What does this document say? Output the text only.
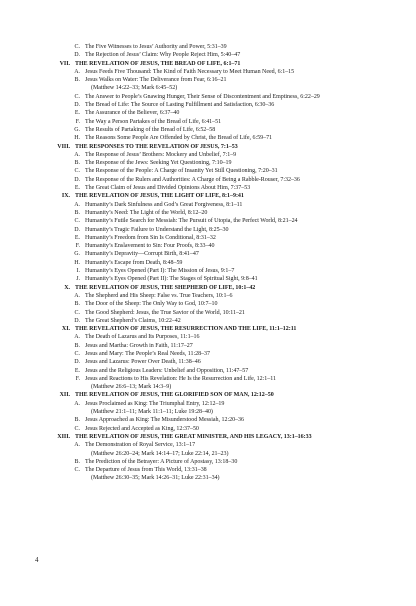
C. The Five Witnesses to Jesus’ Authority and Power, 5:31–39
D. The Rejection of Jesus’ Claim: Why People Reject Him, 5:40–47
VII. THE REVELATION OF JESUS, THE BREAD OF LIFE, 6:1–71
A. Jesus Feeds Five Thousand: The Kind of Faith Necessary to Meet Human Need, 6:1–15
B. Jesus Walks on Water: The Deliverance from Fear, 6:16–21
(Matthew 14:22–33; Mark 6:45–52)
C. The Answer to People’s Gnawing Hunger, Their Sense of Discontentment and Emptiness, 6:22–29
D. The Bread of Life: The Source of Lasting Fulfillment and Satisfaction, 6:30–36
E. The Assurance of the Believer, 6:37–40
F. The Way a Person Partakes of the Bread of Life, 6:41–51
G. The Results of Partaking of the Bread of Life, 6:52–58
H. The Reasons Some People Are Offended by Christ, the Bread of Life, 6:59–71
VIII. THE RESPONSES TO THE REVELATION OF JESUS, 7:1–53
A. The Response of Jesus’ Brothers: Mockery and Unbelief, 7:1–9
B. The Response of the Jews: Seeking Yet Questioning, 7:10–19
C. The Response of the People: A Charge of Insanity Yet Still Questioning, 7:20–31
D. The Response of the Rulers and Authorities: A Charge of Being a Rabble-Rouser, 7:32–36
E. The Great Claim of Jesus and Divided Opinions About Him, 7:37–53
IX. THE REVELATION OF JESUS, THE LIGHT OF LIFE, 8:1–9:41
A. Humanity’s Dark Sinfulness and God’s Great Forgiveness, 8:1–11
B. Humanity’s Need: The Light of the World, 8:12–20
C. Humanity’s Futile Search for Messiah: The Pursuit of Utopia, the Perfect World, 8:21–24
D. Humanity’s Tragic Failure to Understand the Light, 8:25–30
E. Humanity’s Freedom from Sin Is Conditional, 8:31–32
F. Humanity’s Enslavement to Sin: Four Proofs, 8:33–40
G. Humanity’s Depravity—Corrupt Birth, 8:41–47
H. Humanity’s Escape from Death, 8:48–59
I. Humanity’s Eyes Opened (Part I): The Mission of Jesus, 9:1–7
J. Humanity’s Eyes Opened (Part II): The Stages of Spiritual Sight, 9:8–41
X. THE REVELATION OF JESUS, THE SHEPHERD OF LIFE, 10:1–42
A. The Shepherd and His Sheep: False vs. True Teachers, 10:1–6
B. The Door of the Sheep: The Only Way to God, 10:7–10
C. The Good Shepherd: Jesus, the True Savior of the World, 10:11–21
D. The Great Shepherd’s Claims, 10:22–42
XI. THE REVELATION OF JESUS, THE RESURRECTION AND THE LIFE, 11:1–12:11
A. The Death of Lazarus and Its Purposes, 11:1–16
B. Jesus and Martha: Growth in Faith, 11:17–27
C. Jesus and Mary: The People’s Real Needs, 11:28–37
D. Jesus and Lazarus: Power Over Death, 11:38–46
E. Jesus and the Religious Leaders: Unbelief and Opposition, 11:47–57
F. Jesus and Reactions to His Revelation: He Is the Resurrection and Life, 12:1–11
(Matthew 26:6–13; Mark 14:3–9)
XII. THE REVELATION OF JESUS, THE GLORIFIED SON OF MAN, 12:12–50
A. Jesus Proclaimed as King: The Triumphal Entry, 12:12–19
(Matthew 21:1–11; Mark 11:1–11; Luke 19:28–40)
B. Jesus Approached as King: The Misunderstood Messiah, 12:20–36
C. Jesus Rejected and Accepted as King, 12:37–50
XIII. THE REVELATION OF JESUS, THE GREAT MINISTER, AND HIS LEGACY, 13:1–16:33
A. The Demonstration of Royal Service, 13:1–17
(Matthew 26:20–24; Mark 14:14–17; Luke 22:14, 21–23)
B. The Prediction of the Betrayer: A Picture of Apostasy, 13:18–30
C. The Departure of Jesus from This World, 13:31–38
(Matthew 26:30–35; Mark 14:26–31; Luke 22:31–34)
4
